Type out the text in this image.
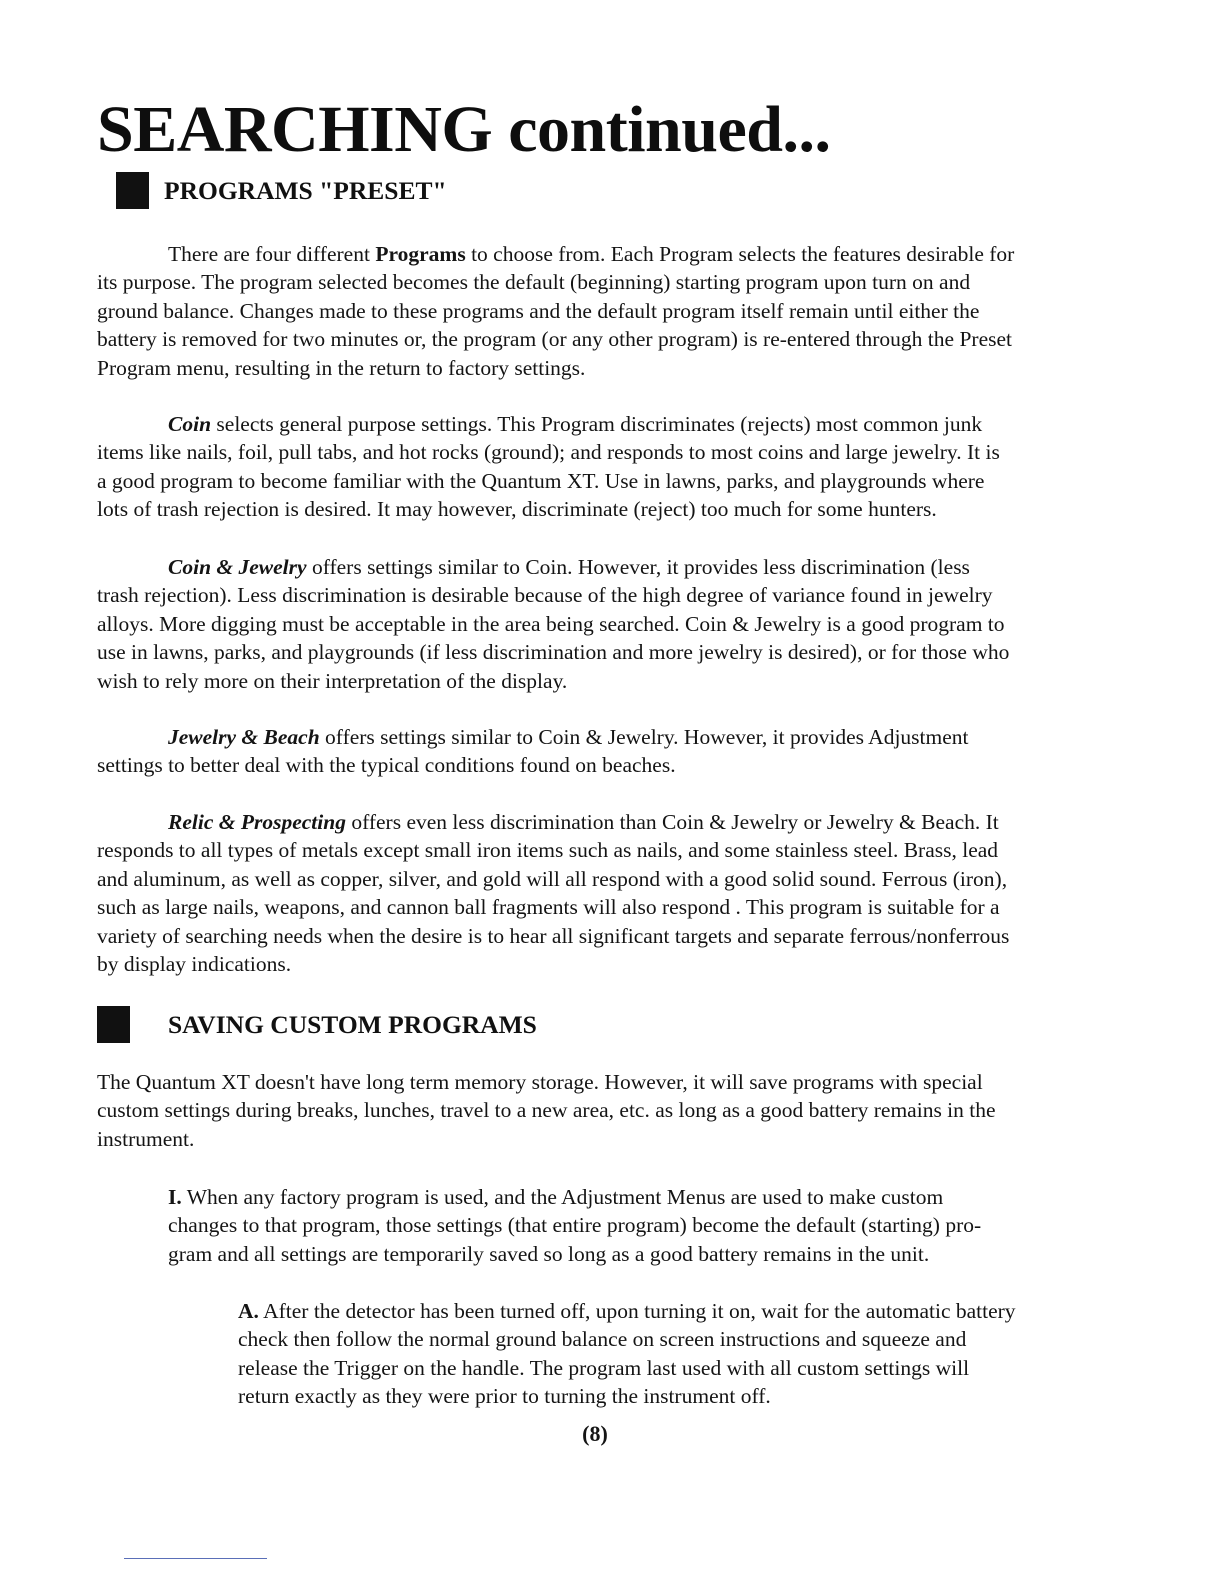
SEARCHING continued...
PROGRAMS "PRESET"

There are four different Programs to choose from. Each Program selects the features desirable for
its purpose. The program selected becomes the default (beginning) starting program upon turn on and
ground balance. Changes made to these programs and the default program itself remain until either the
battery is removed for two minutes or, the program (or any other program) is re-entered through the Preset
Program menu, resulting in the return to factory settings.

Coin selects general purpose settings. This Program discriminates (rejects) most common junk
items like nails, foil, pull tabs, and hot rocks (ground); and responds to most coins and large jewelry. It is
a good program to become familiar with the Quantum XT. Use in lawns, parks, and playgrounds where
lots of trash rejection is desired. It may however, discriminate (reject) too much for some hunters.

Coin & Jewelry offers settings similar to Coin. However, it provides less discrimination (less
trash rejection). Less discrimination is desirable because of the high degree of variance found in jewelry
alloys. More digging must be acceptable in the area being searched. Coin & Jewelry is a good program to
use in lawns, parks, and playgrounds (if less discrimination and more jewelry is desired), or for those who
wish to rely more on their interpretation of the display.

Jewelry & Beach offers settings similar to Coin & Jewelry. However, it provides Adjustment
settings to better deal with the typical conditions found on beaches.

Relic & Prospecting offers even less discrimination than Coin & Jewelry or Jewelry & Beach. It
responds to all types of metals except small iron items such as nails, and some stainless steel. Brass, lead
and aluminum, as well as copper, silver, and gold will all respond with a good solid sound. Ferrous (iron),
such as large nails, weapons, and cannon ball fragments will also respond . This program is suitable for a
variety of searching needs when the desire is to hear all significant targets and separate ferrous/nonferrous
by display indications.

SAVING CUSTOM PROGRAMS

The Quantum XT doesn't have long term memory storage. However, it will save programs with special
custom settings during breaks, lunches, travel to a new area, etc. as long as a good battery remains in the
instrument.

I. When any factory program is used, and the Adjustment Menus are used to make custom
changes to that program, those settings (that entire program) become the default (starting) pro-
gram and all settings are temporarily saved so long as a good battery remains in the unit.

A. After the detector has been turned off, upon turning it on, wait for the automatic battery
check then follow the normal ground balance on screen instructions and squeeze and
release the Trigger on the handle. The program last used with all custom settings will
return exactly as they were prior to turning the instrument off.

(8)
